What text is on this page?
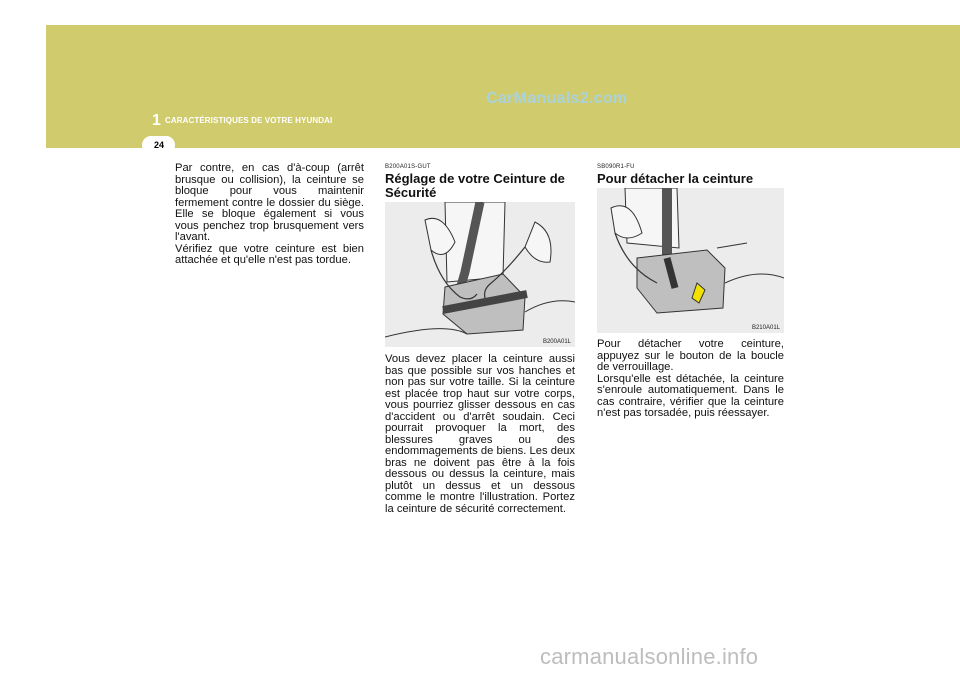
1 CARACTÉRISTIQUES DE VOTRE HYUNDAI
CarManuals2.com
24

Par contre, en cas d'à-coup (arrêt brusque ou collision), la ceinture se bloque pour vous maintenir fermement contre le dossier du siège. Elle se bloque également si vous vous penchez trop brusquement vers l'avant.

Vérifiez que votre ceinture est bien attachée et qu'elle n'est pas tordue.

B200A01S-GUT
Réglage de votre Ceinture de Sécurité
B200A01L

Vous devez placer la ceinture aussi bas que possible sur vos hanches et non pas sur votre taille. Si la ceinture est placée trop haut sur votre corps, vous pourriez glisser dessous en cas d'accident ou d'arrêt soudain. Ceci pourrait provoquer la mort, des blessures graves ou des endommagements de biens. Les deux bras ne doivent pas être à la fois dessous ou dessus la ceinture, mais plutôt un dessus et un dessous comme le montre l'illustration. Portez la ceinture de sécurité correctement.

SB090R1-FU
Pour détacher la ceinture
B210A01L

Pour détacher votre ceinture, appuyez sur le bouton de la boucle de verrouillage.

Lorsqu'elle est détachée, la ceinture s'enroule automatiquement. Dans le cas contraire, vérifier que la ceinture n'est pas torsadée, puis réessayer.

carmanualsonline.info
